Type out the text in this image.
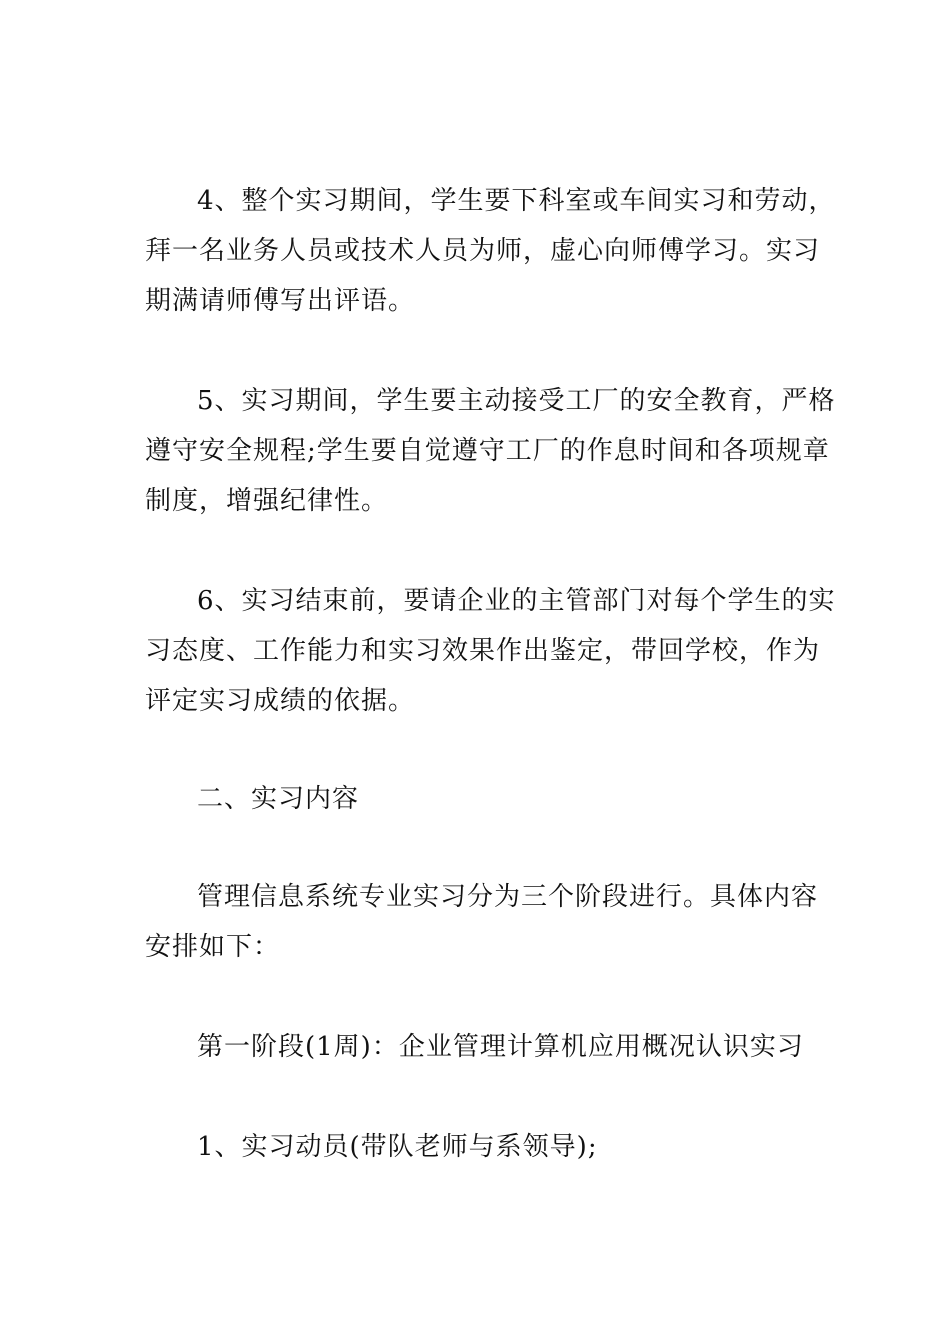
4、整个实习期间，学生要下科室或车间实习和劳动，
拜一名业务人员或技术人员为师，虚心向师傅学习。实习
期满请师傅写出评语。

5、实习期间，学生要主动接受工厂的安全教育，严格
遵守安全规程;学生要自觉遵守工厂的作息时间和各项规章
制度，增强纪律性。

6、实习结束前，要请企业的主管部门对每个学生的实
习态度、工作能力和实习效果作出鉴定，带回学校，作为
评定实习成绩的依据。

二、实习内容

管理信息系统专业实习分为三个阶段进行。具体内容
安排如下：

第一阶段(1周)：企业管理计算机应用概况认识实习

1、实习动员(带队老师与系领导);
